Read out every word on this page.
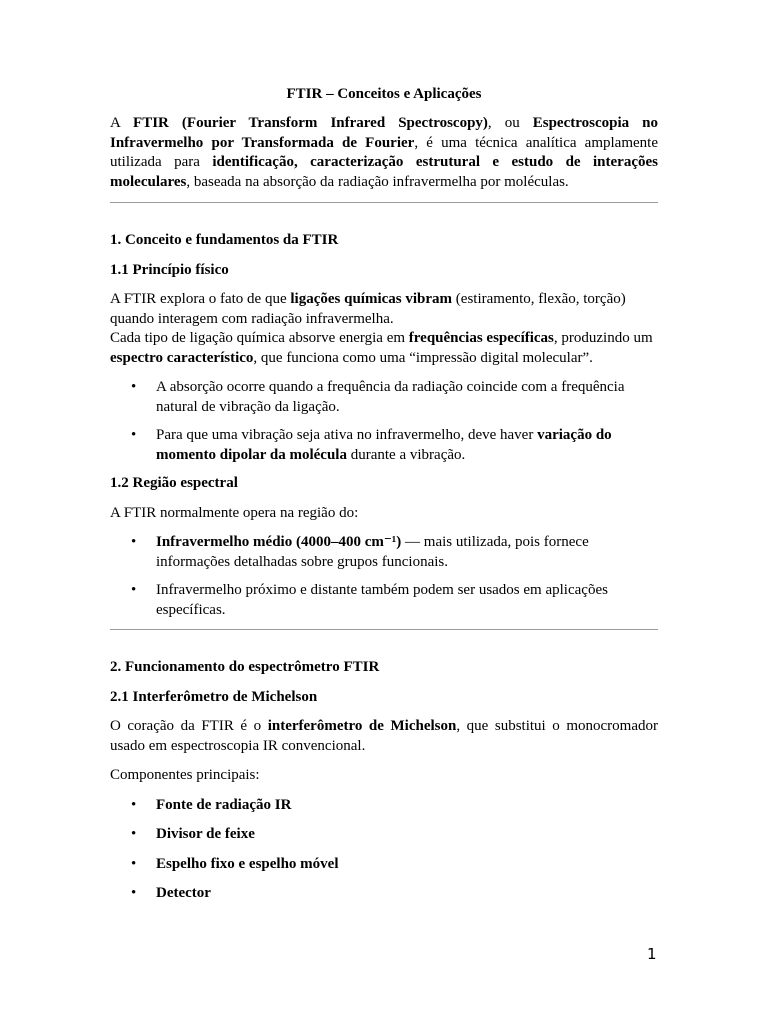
FTIR – Conceitos e Aplicações

A FTIR (Fourier Transform Infrared Spectroscopy), ou Espectroscopia no Infravermelho por Transformada de Fourier, é uma técnica analítica amplamente utilizada para identificação, caracterização estrutural e estudo de interações moleculares, baseada na absorção da radiação infravermelha por moléculas.

1. Conceito e fundamentos da FTIR

1.1 Princípio físico

A FTIR explora o fato de que ligações químicas vibram (estiramento, flexão, torção) quando interagem com radiação infravermelha.

Cada tipo de ligação química absorve energia em frequências específicas, produzindo um espectro característico, que funciona como uma “impressão digital molecular”.

• A absorção ocorre quando a frequência da radiação coincide com a frequência natural de vibração da ligação.
• Para que uma vibração seja ativa no infravermelho, deve haver variação do momento dipolar da molécula durante a vibração.

1.2 Região espectral

A FTIR normalmente opera na região do:

• Infravermelho médio (4000–400 cm⁻¹) — mais utilizada, pois fornece informações detalhadas sobre grupos funcionais.
• Infravermelho próximo e distante também podem ser usados em aplicações específicas.

2. Funcionamento do espectrômetro FTIR

2.1 Interferômetro de Michelson

O coração da FTIR é o interferômetro de Michelson, que substitui o monocromador usado em espectroscopia IR convencional.

Componentes principais:

• Fonte de radiação IR
• Divisor de feixe
• Espelho fixo e espelho móvel
• Detector
1
